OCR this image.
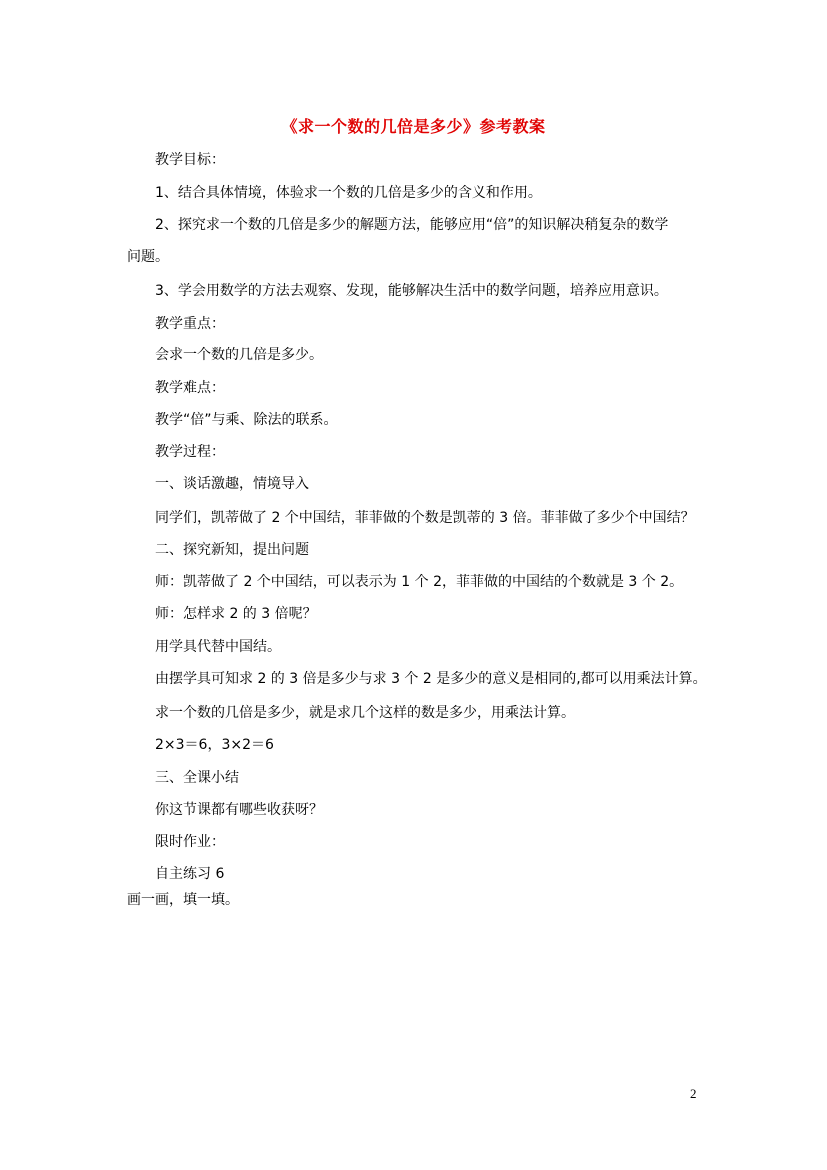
《求一个数的几倍是多少》参考教案
教学目标：
1、结合具体情境，体验求一个数的几倍是多少的含义和作用。
2、探究求一个数的几倍是多少的解题方法，能够应用“倍”的知识解决稍复杂的数学
问题。
3、学会用数学的方法去观察、发现，能够解决生活中的数学问题，培养应用意识。
教学重点：
会求一个数的几倍是多少。
教学难点：
教学“倍”与乘、除法的联系。
教学过程：
一、谈话激趣，情境导入
同学们，凯蒂做了 2 个中国结，菲菲做的个数是凯蒂的 3 倍。菲菲做了多少个中国结？
二、探究新知，提出问题
师：凯蒂做了 2 个中国结，可以表示为 1 个 2，菲菲做的中国结的个数就是 3 个 2。
师：怎样求 2 的 3 倍呢？
用学具代替中国结。
由摆学具可知求 2 的 3 倍是多少与求 3 个 2 是多少的意义是相同的,都可以用乘法计算。
求一个数的几倍是多少，就是求几个这样的数是多少，用乘法计算。
2×3＝6，3×2＝6
三、全课小结
你这节课都有哪些收获呀？
限时作业：
自主练习 6
画一画，填一填。
2
